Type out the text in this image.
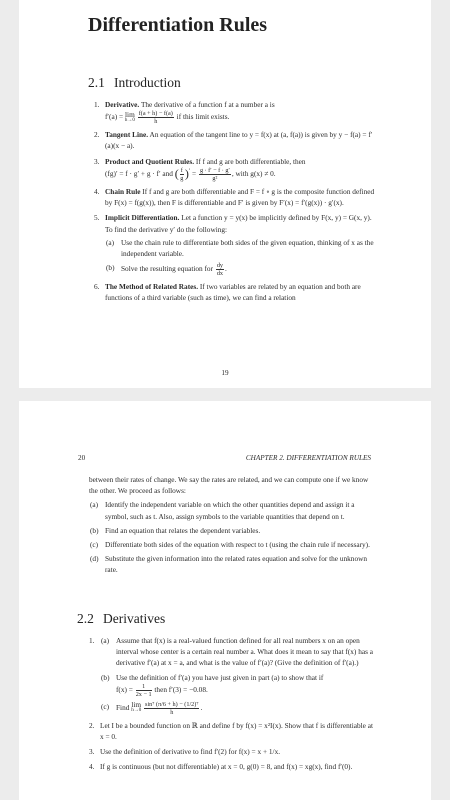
Differentiation Rules
2.1 Introduction
1. Derivative. The derivative of a function f at a number a is
f′(a) = lim
h→0
$\frac{f(a + h) - f(a)}{h}$ if this limit exists.
2. Tangent Line. An equation of the tangent line to y = f(x) at (a, f(a)) is given by y − f(a) = f′(a)(x − a).
3. Product and Quotient Rules. If f and g are both differentiable, then
(fg)′ = f · g′ + g · f′ and ( $\frac{f}{g} )' = \frac{g \cdot f' - f \cdot g'}{\text{g²}}$ , with g(x) ≠ 0.
4. Chain Rule If f and g are both differentiable and F = f ∘ g is the composite function defined by F(x) = f(g(x)), then F is differentiable and F′ is given by F′(x) = f′(g(x)) · g′(x).
5. Implicit Differentiation. Let a function y = y(x) be implicitly defined by F(x, y) = G(x, y). To find the derivative y′ do the following:
(a) Use the chain rule to differentiate both sides of the given equation, thinking of x as the independent variable.
(b) Solve the resulting equation for $\frac{dy}{dx}$ .
6. The Method of Related Rates. If two variables are related by an equation and both are functions of a third variable (such as time), we can find a relation
19
20	CHAPTER 2. DIFFERENTIATION RULES
between their rates of change. We say the rates are related, and we can compute one if we know the other. We proceed as follows:
(a) Identify the independent variable on which the other quantities depend and assign it a symbol, such as t. Also, assign symbols to the variable quantities that depend on t.
(b) Find an equation that relates the dependent variables.
(c) Differentiate both sides of the equation with respect to t (using the chain rule if necessary).
(d) Substitute the given information into the related rates equation and solve for the unknown rate.
2.2 Derivatives
1. (a) Assume that f(x) is a real-valued function defined for all real numbers x on an open interval whose center is a certain real number a. What does it mean to say that f(x) has a derivative f′(a) at x = a, and what is the value of f′(a)? (Give the definition of f′(a).)
(b) Use the definition of f′(a) you have just given in part (a) to show that if
$f(x) = \frac{1}{2x - 1}$ then f′(3) = −0.08.
(c) Find lim
h→0
$\frac{\text{sin⁷ (π/6 + h) − (1/2)⁷}}{h}$ .
2. Let I be a bounded function on ℝ and define f by f(x) = x²I(x). Show that f is differentiable at x = 0.
3. Use the definition of derivative to find f′(2) for f(x) = x + 1/x.
4. If g is continuous (but not differentiable) at x = 0, g(0) = 8, and f(x) = xg(x), find f′(0).
